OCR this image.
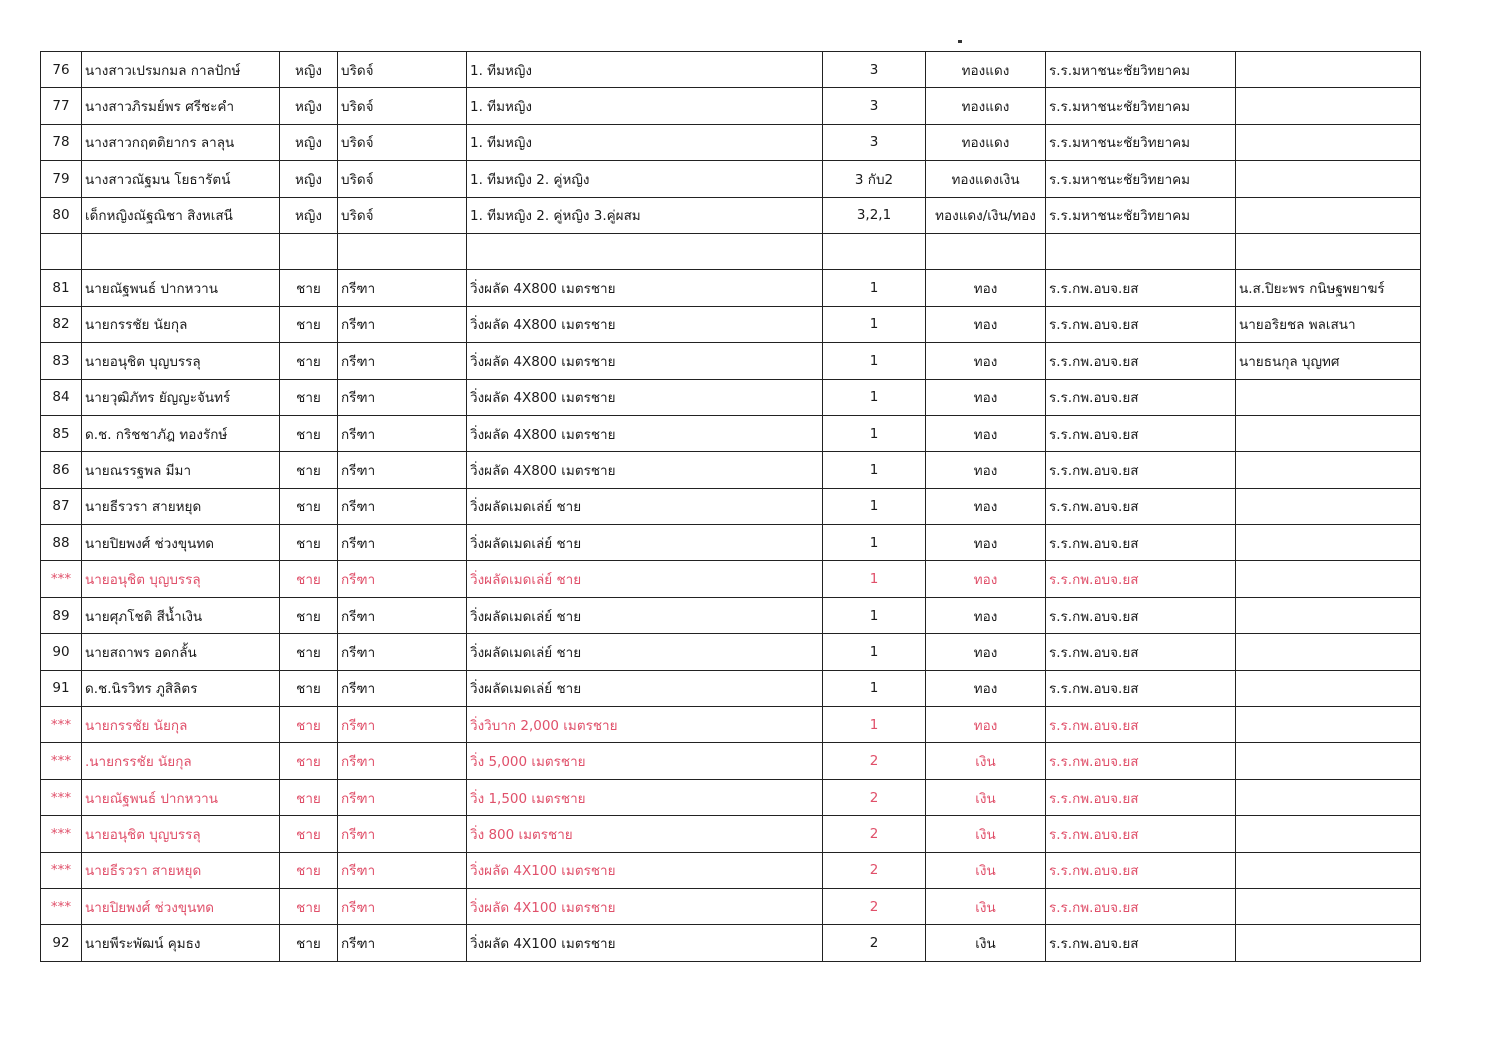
76	นางสาวเปรมกมล กาลปักษ์	หญิง	บริดจ์	1. ทีมหญิง	3	ทองแดง	ร.ร.มหาชนะชัยวิทยาคม	
77	นางสาวภิรมย์พร ศรีชะคำ	หญิง	บริดจ์	1. ทีมหญิง	3	ทองแดง	ร.ร.มหาชนะชัยวิทยาคม	
78	นางสาวกฤตติยากร ลาลุน	หญิง	บริดจ์	1. ทีมหญิง	3	ทองแดง	ร.ร.มหาชนะชัยวิทยาคม	
79	นางสาวณัฐมน โยธารัตน์	หญิง	บริดจ์	1. ทีมหญิง 2. คู่หญิง	3 กับ2	ทองแดงเงิน	ร.ร.มหาชนะชัยวิทยาคม	
80	เด็กหญิงณัฐณิชา สิงหเสนี	หญิง	บริดจ์	1. ทีมหญิง 2. คู่หญิง 3.คู่ผสม	3,2,1	ทองแดง/เงิน/ทอง	ร.ร.มหาชนะชัยวิทยาคม	

81	นายณัฐพนธ์ ปากหวาน	ชาย	กรีฑา	วิ่งผลัด 4X800 เมตรชาย	1	ทอง	ร.ร.กพ.อบจ.ยส	น.ส.ปิยะพร กนิษฐพยาฆร์
82	นายกรรชัย นัยกุล	ชาย	กรีฑา	วิ่งผลัด 4X800 เมตรชาย	1	ทอง	ร.ร.กพ.อบจ.ยส	นายอริยชล พลเสนา
83	นายอนุชิต บุญบรรลุ	ชาย	กรีฑา	วิ่งผลัด 4X800 เมตรชาย	1	ทอง	ร.ร.กพ.อบจ.ยส	นายธนกุล บุญทศ
84	นายวุฒิภัทร ยัญญะจันทร์	ชาย	กรีฑา	วิ่งผลัด 4X800 เมตรชาย	1	ทอง	ร.ร.กพ.อบจ.ยส	
85	ด.ช. กริชชาภัฎ ทองรักษ์	ชาย	กรีฑา	วิ่งผลัด 4X800 เมตรชาย	1	ทอง	ร.ร.กพ.อบจ.ยส	
86	นายณรรฐพล มีมา	ชาย	กรีฑา	วิ่งผลัด 4X800 เมตรชาย	1	ทอง	ร.ร.กพ.อบจ.ยส	
87	นายธีรวรา สายหยุด	ชาย	กรีฑา	วิ่งผลัดเมดเล่ย์ ชาย	1	ทอง	ร.ร.กพ.อบจ.ยส	
88	นายปิยพงศ์ ช่วงขุนทด	ชาย	กรีฑา	วิ่งผลัดเมดเล่ย์ ชาย	1	ทอง	ร.ร.กพ.อบจ.ยส	
***	นายอนุชิต บุญบรรลุ	ชาย	กรีฑา	วิ่งผลัดเมดเล่ย์ ชาย	1	ทอง	ร.ร.กพ.อบจ.ยส	
89	นายศุภโชติ สีน้ำเงิน	ชาย	กรีฑา	วิ่งผลัดเมดเล่ย์ ชาย	1	ทอง	ร.ร.กพ.อบจ.ยส	
90	นายสถาพร อดกลั้น	ชาย	กรีฑา	วิ่งผลัดเมดเล่ย์ ชาย	1	ทอง	ร.ร.กพ.อบจ.ยส	
91	ด.ช.นิรวิทร ภูสิลิตร	ชาย	กรีฑา	วิ่งผลัดเมดเล่ย์ ชาย	1	ทอง	ร.ร.กพ.อบจ.ยส	
***	นายกรรชัย นัยกุล	ชาย	กรีฑา	วิ่งวิบาก 2,000 เมตรชาย	1	ทอง	ร.ร.กพ.อบจ.ยส	
***	.นายกรรชัย นัยกุล	ชาย	กรีฑา	วิ่ง 5,000 เมตรชาย	2	เงิน	ร.ร.กพ.อบจ.ยส	
***	นายณัฐพนธ์ ปากหวาน	ชาย	กรีฑา	วิ่ง 1,500 เมตรชาย	2	เงิน	ร.ร.กพ.อบจ.ยส	
***	นายอนุชิต บุญบรรลุ	ชาย	กรีฑา	วิ่ง 800 เมตรชาย	2	เงิน	ร.ร.กพ.อบจ.ยส	
***	นายธีรวรา สายหยุด	ชาย	กรีฑา	วิ่งผลัด 4X100 เมตรชาย	2	เงิน	ร.ร.กพ.อบจ.ยส	
***	นายปิยพงศ์ ช่วงขุนทด	ชาย	กรีฑา	วิ่งผลัด 4X100 เมตรชาย	2	เงิน	ร.ร.กพ.อบจ.ยส	
92	นายพีระพัฒน์ คุมธง	ชาย	กรีฑา	วิ่งผลัด 4X100 เมตรชาย	2	เงิน	ร.ร.กพ.อบจ.ยส	
